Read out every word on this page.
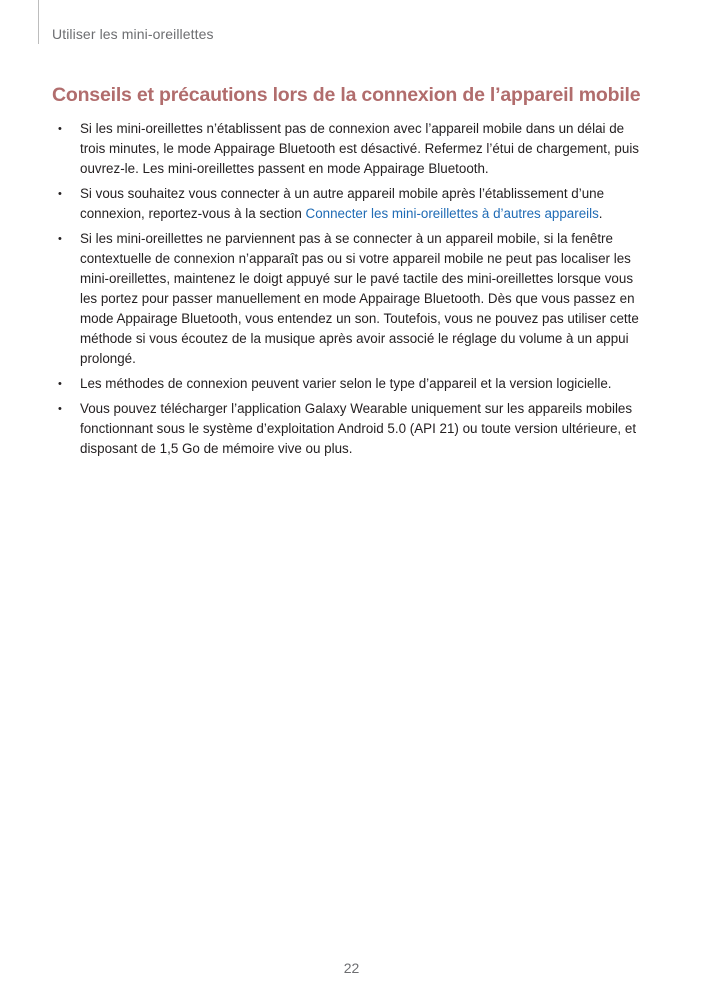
Utiliser les mini-oreillettes
Conseils et précautions lors de la connexion de l’appareil mobile
• Si les mini-oreillettes n’établissent pas de connexion avec l’appareil mobile dans un délai de trois minutes, le mode Appairage Bluetooth est désactivé. Refermez l’étui de chargement, puis ouvrez-le. Les mini-oreillettes passent en mode Appairage Bluetooth.
• Si vous souhaitez vous connecter à un autre appareil mobile après l’établissement d’une connexion, reportez-vous à la section Connecter les mini-oreillettes à d’autres appareils.
• Si les mini-oreillettes ne parviennent pas à se connecter à un appareil mobile, si la fenêtre contextuelle de connexion n’apparaît pas ou si votre appareil mobile ne peut pas localiser les mini-oreillettes, maintenez le doigt appuyé sur le pavé tactile des mini-oreillettes lorsque vous les portez pour passer manuellement en mode Appairage Bluetooth. Dès que vous passez en mode Appairage Bluetooth, vous entendez un son. Toutefois, vous ne pouvez pas utiliser cette méthode si vous écoutez de la musique après avoir associé le réglage du volume à un appui prolongé.
• Les méthodes de connexion peuvent varier selon le type d’appareil et la version logicielle.
• Vous pouvez télécharger l’application Galaxy Wearable uniquement sur les appareils mobiles fonctionnant sous le système d’exploitation Android 5.0 (API 21) ou toute version ultérieure, et disposant de 1,5 Go de mémoire vive ou plus.
22
